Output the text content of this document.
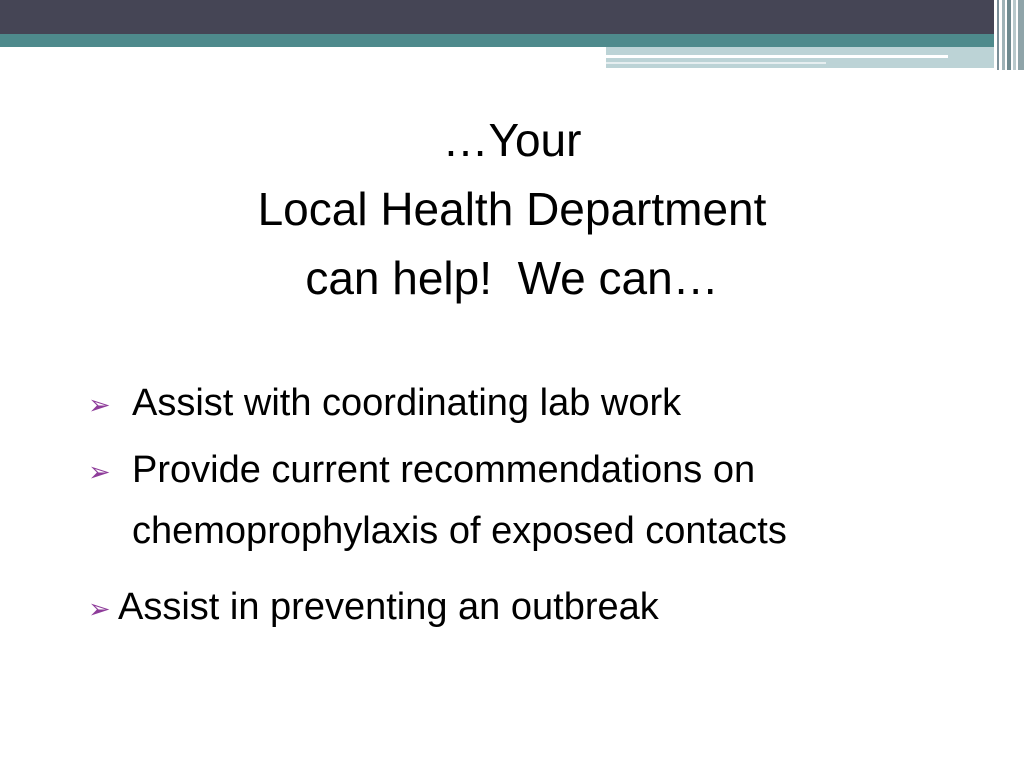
…Your
Local Health Department
can help!  We can…
➢ Assist with coordinating lab work
➢ Provide current recommendations on
chemoprophylaxis of exposed contacts
➢ Assist in preventing an outbreak
